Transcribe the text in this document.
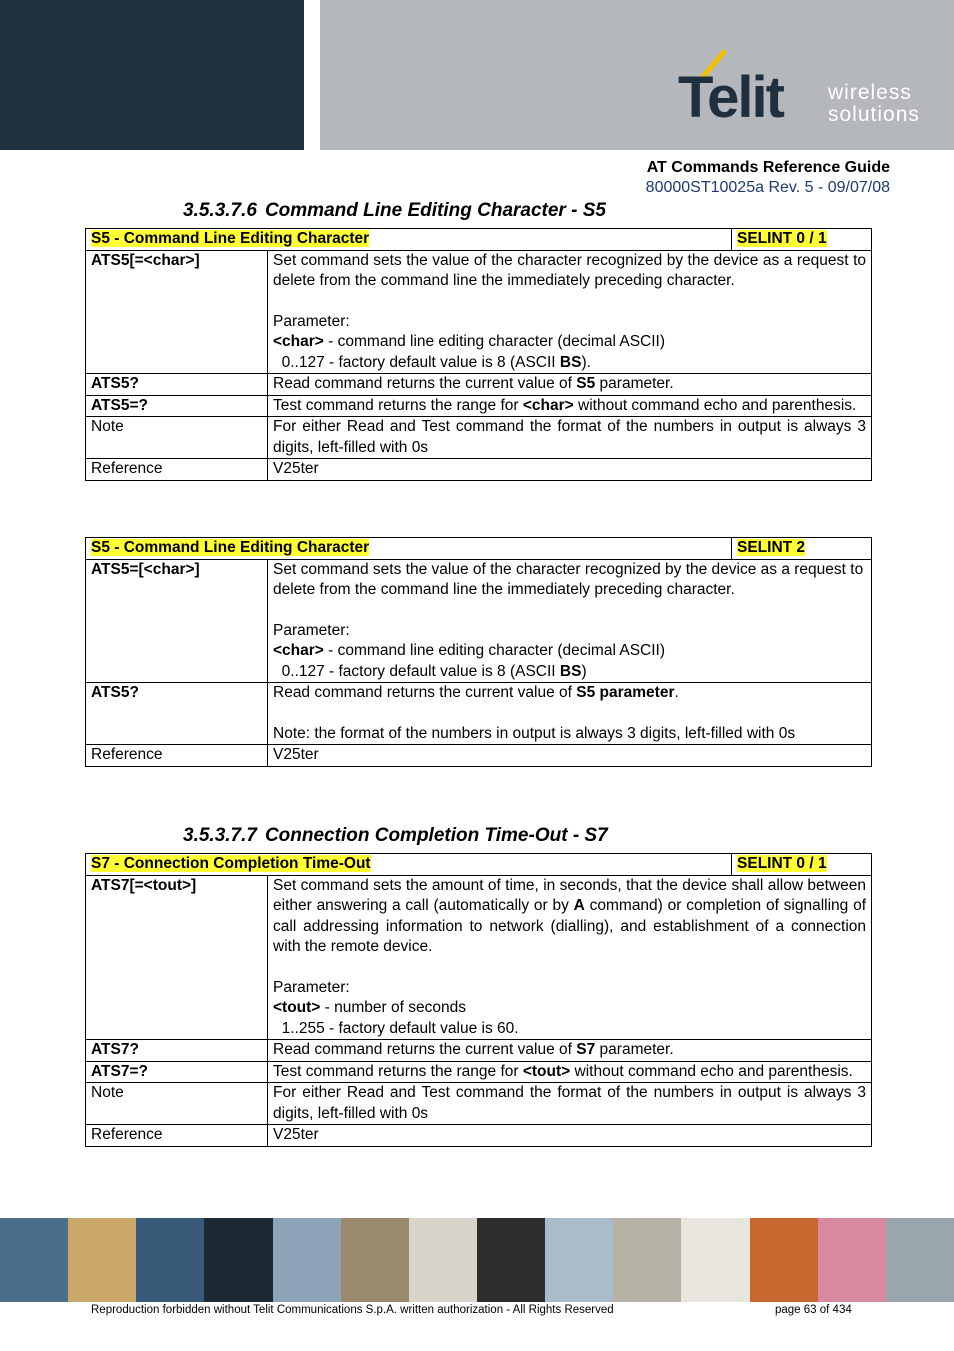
Telit wireless
solutions
AT Commands Reference Guide
80000ST10025a Rev. 5 - 09/07/08
3.5.3.7.6 Command Line Editing Character - S5
S5 - Command Line Editing Character		SELINT 0 / 1
ATS5[=<char>]	Set command sets the value of the character recognized by the device as a request to delete from the command line the immediately preceding character.
Parameter:
<char> - command line editing character (decimal ASCII)
0..127 - factory default value is 8 (ASCII BS).	
ATS5?	Read command returns the current value of S5 parameter.	
ATS5=?	Test command returns the range for <char> without command echo and parenthesis.	
Note	For either Read and Test command the format of the numbers in output is always 3 digits, left-filled with 0s	
Reference	V25ter	
S5 - Command Line Editing Character		SELINT 2
ATS5=[<char>]	Set command sets the value of the character recognized by the device as a request to delete from the command line the immediately preceding character.
Parameter:
<char> - command line editing character (decimal ASCII)
0..127 - factory default value is 8 (ASCII BS)	
ATS5?	Read command returns the current value of S5 parameter.
Note: the format of the numbers in output is always 3 digits, left-filled with 0s	
Reference	V25ter	
3.5.3.7.7 Connection Completion Time-Out - S7
S7 - Connection Completion Time-Out		SELINT 0 / 1
ATS7[=<tout>]	Set command sets the amount of time, in seconds, that the device shall allow between either answering a call (automatically or by A command) or completion of signalling of call addressing information to network (dialling), and establishment of a connection with the remote device.
Parameter:
<tout> - number of seconds
1..255 - factory default value is 60.	
ATS7?	Read command returns the current value of S7 parameter.	
ATS7=?	Test command returns the range for <tout> without command echo and parenthesis.	
Note	For either Read and Test command the format of the numbers in output is always 3 digits, left-filled with 0s	
Reference	V25ter	
Reproduction forbidden without Telit Communications S.p.A. written authorization - All Rights Reserved	page 63 of 434
